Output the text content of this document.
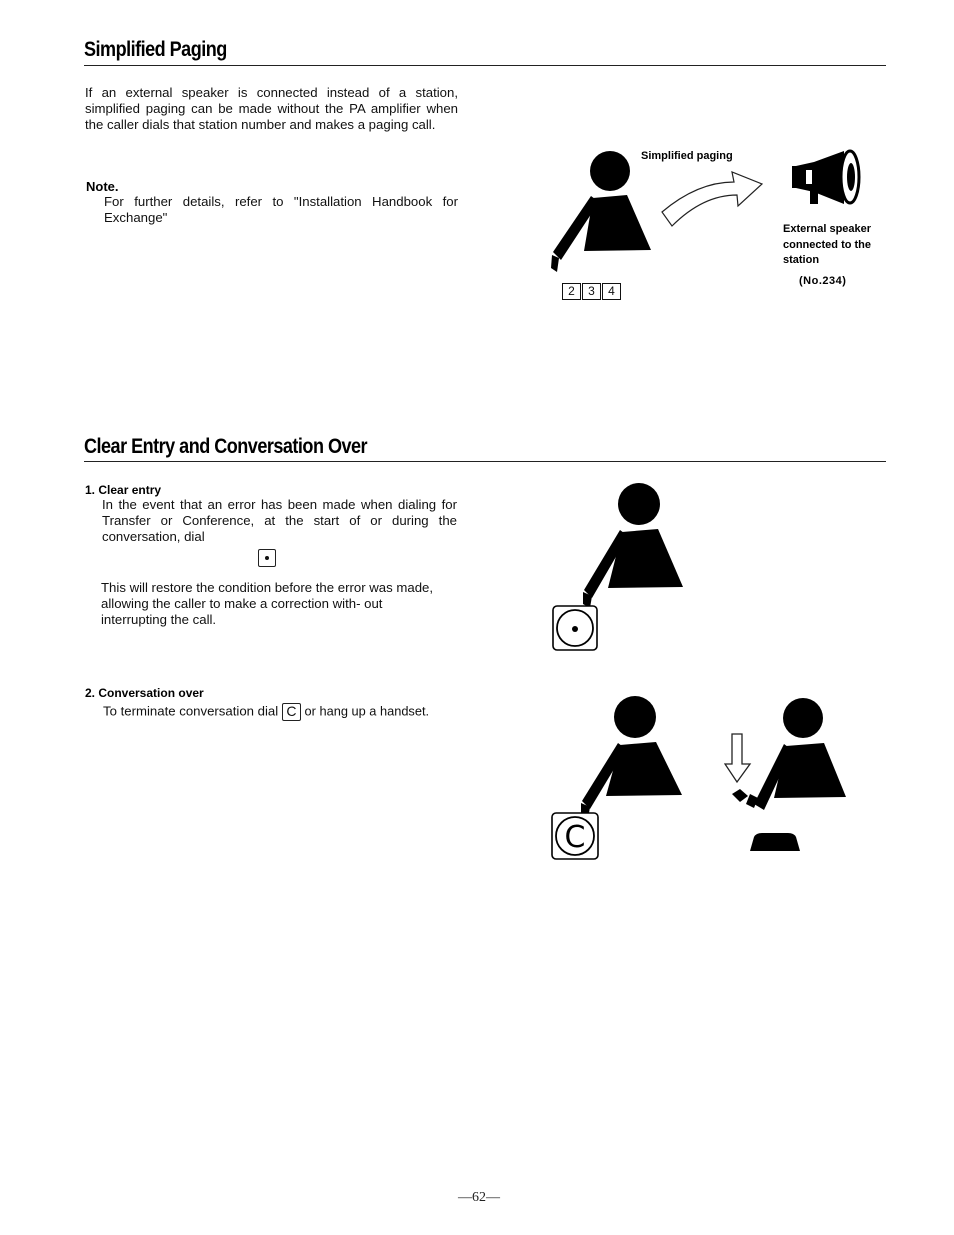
Simplified Paging
If an external speaker is connected instead of a station, simplified paging can be made without the PA amplifier when the caller dials that station number and makes a paging call.
Note.
For further details, refer to "Installation Handbook for Exchange"
Simplified paging
2	3	4
External speaker connected to the station
(No.234)
Clear Entry and Conversation Over
1. Clear entry
In the event that an error has been made when dialing for Transfer or Conference, at the start of or during the conversation, dial
This will restore the condition before the error was made, allowing the caller to make a correction with- out interrupting the call.
2. Conversation over
To terminate conversation dial C or hang up a handset.
C
—62—
